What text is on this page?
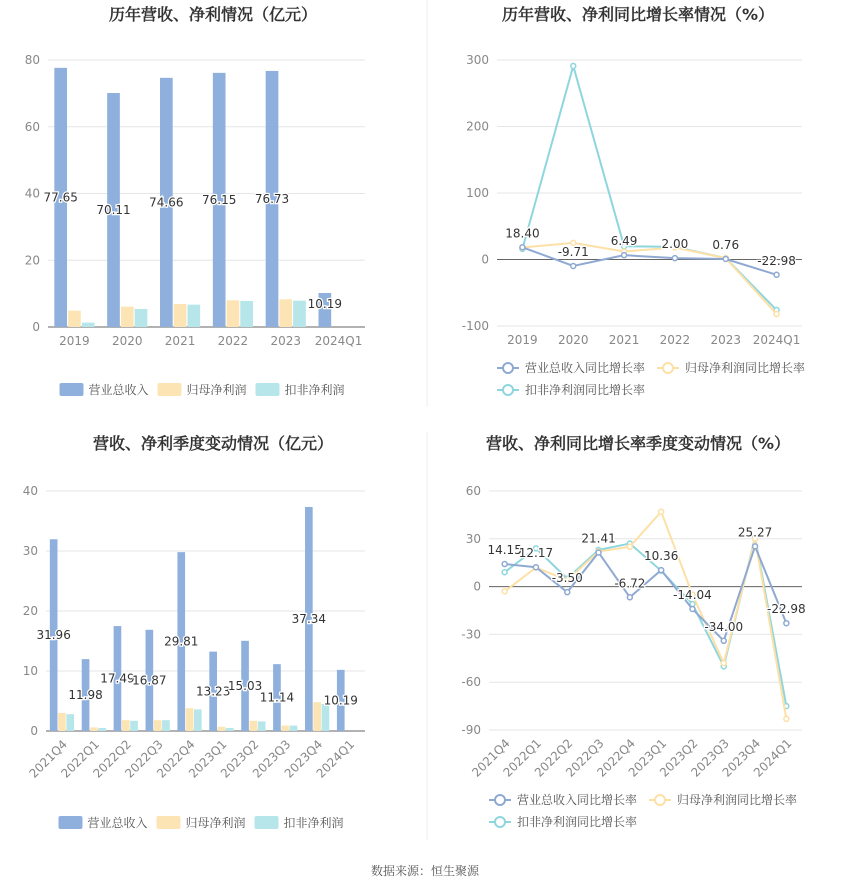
历年营收、净利情况（亿元）
0
20
40
60
80
2019 2020 2021 2022 2023 2024Q1
77.65
70.11
74.66 76.15 76.73
10.19
营业总收入	归母净利润	扣非净利润
历年营收、净利同比增长率情况（%）
-100
0
100
200
300
2019 2020 2021 2022 2023 2024Q1
18.40
-9.71
6.49 2.00 0.76
-22.98
营业总收入同比增长率	归母净利润同比增长率
扣非净利润同比增长率
营收、净利季度变动情况（亿元）
0
10
20
30
40
2021Q4
2022Q1
2022Q2
2022Q3
2022Q4
2023Q1
2023Q2
2023Q3
2023Q4
2024Q1
31.96
11.98
17.49
16.87
29.81
13.23
15.03
11.14
37.34
10.19
营业总收入	归母净利润	扣非净利润
营收、净利同比增长率季度变动情况（%）
-90
-60
-30
0
30
60
2021Q4
2022Q1
2022Q2
2022Q3
2022Q4
2023Q1
2023Q2
2023Q3
2023Q4
2024Q1
14.15
12.17
-3.50
21.41
-6.72
10.36
-14.04
-34.00
25.27
-22.98
营业总收入同比增长率	归母净利润同比增长率
扣非净利润同比增长率
数据来源：恒生聚源
